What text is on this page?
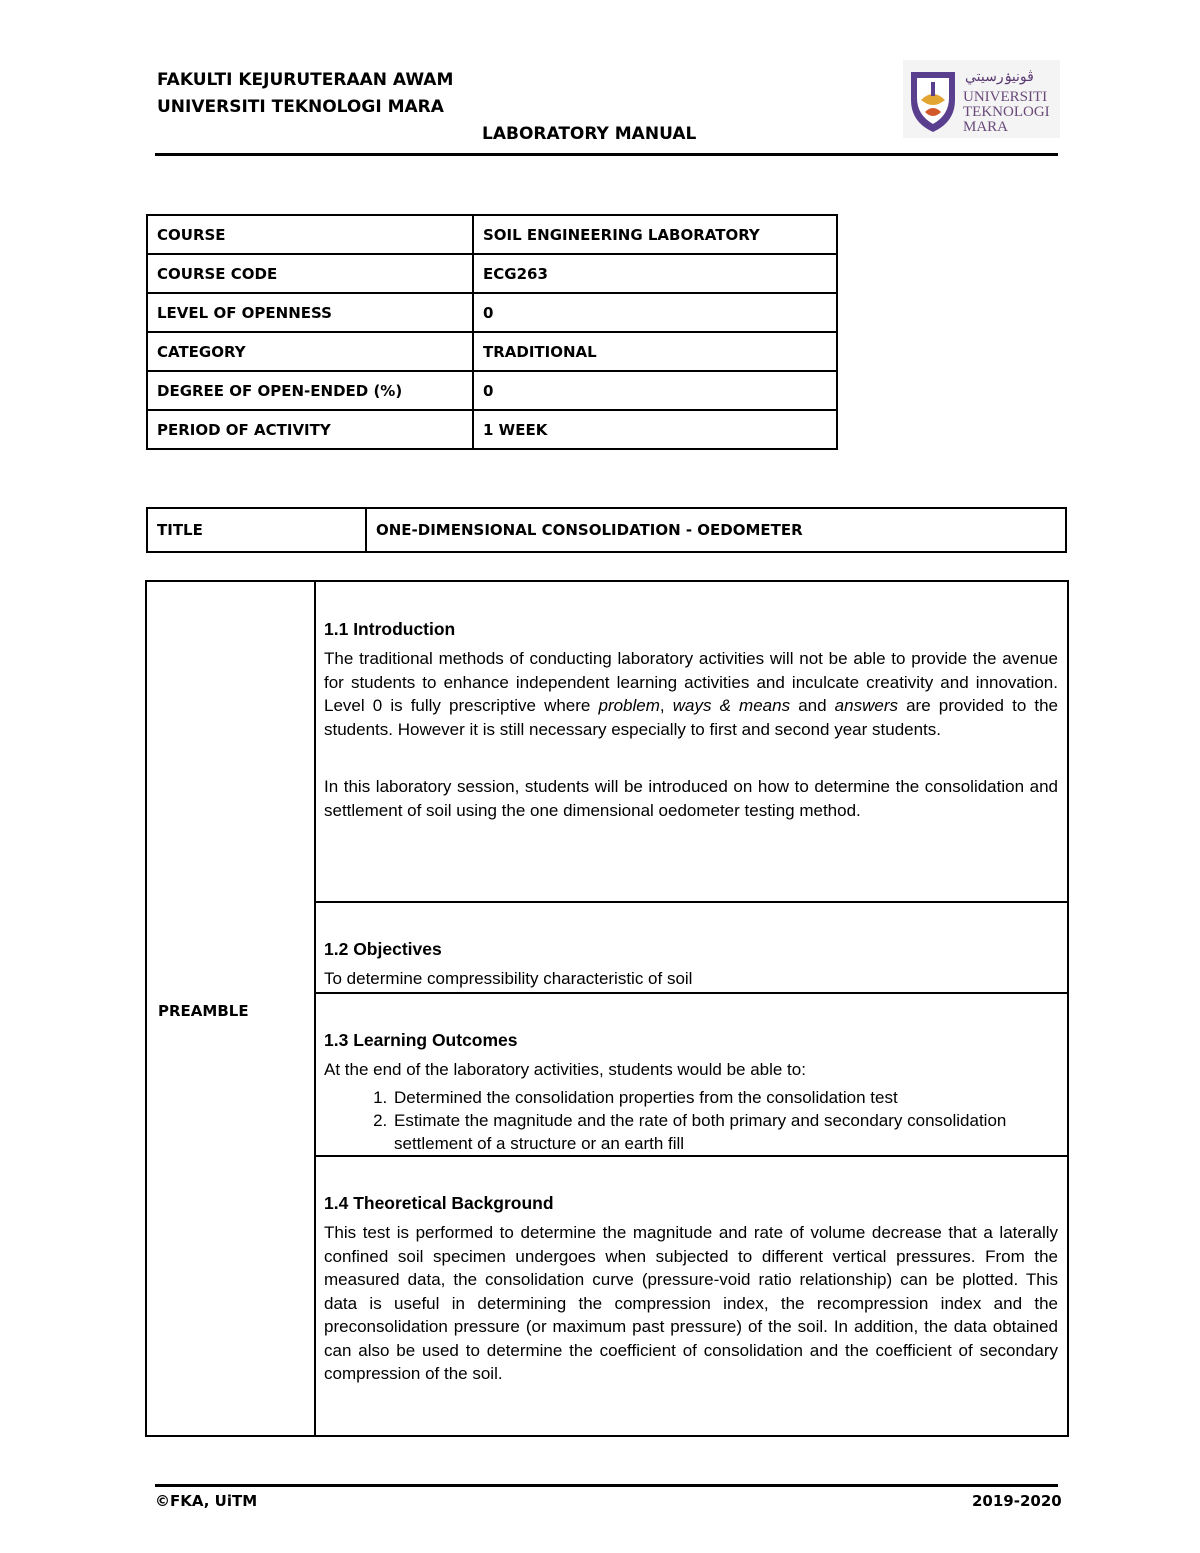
FAKULTI KEJURUTERAAN AWAM
UNIVERSITI TEKNOLOGI MARA
LABORATORY MANUAL
ڤونيۏرسيتي
UNIVERSITI
TEKNOLOGI
MARA
COURSE	SOIL ENGINEERING LABORATORY
COURSE CODE	ECG263
LEVEL OF OPENNESS	0
CATEGORY	TRADITIONAL
DEGREE OF OPEN-ENDED (%)	0
PERIOD OF ACTIVITY	1 WEEK
TITLE	ONE-DIMENSIONAL CONSOLIDATION - OEDOMETER
PREAMBLE
1.1 Introduction

The traditional methods of conducting laboratory activities will not be able to provide the avenue for students to enhance independent learning activities and inculcate creativity and innovation. Level 0 is fully prescriptive where problem, ways & means and answers are provided to the students. However it is still necessary especially to first and second year students.

In this laboratory session, students will be introduced on how to determine the consolidation and settlement of soil using the one dimensional oedometer testing method.

1.2 Objectives

To determine compressibility characteristic of soil

1.3 Learning Outcomes

At the end of the laboratory activities, students would be able to:

1. Determined the consolidation properties from the consolidation test
2. Estimate the magnitude and the rate of both primary and secondary consolidation settlement of a structure or an earth fill
1.4 Theoretical Background

This test is performed to determine the magnitude and rate of volume decrease that a laterally confined soil specimen undergoes when subjected to different vertical pressures. From the measured data, the consolidation curve (pressure-void ratio relationship) can be plotted. This data is useful in determining the compression index, the recompression index and the preconsolidation pressure (or maximum past pressure) of the soil. In addition, the data obtained can also be used to determine the coefficient of consolidation and the coefficient of secondary compression of the soil.

©FKA, UiTM	2019-2020
